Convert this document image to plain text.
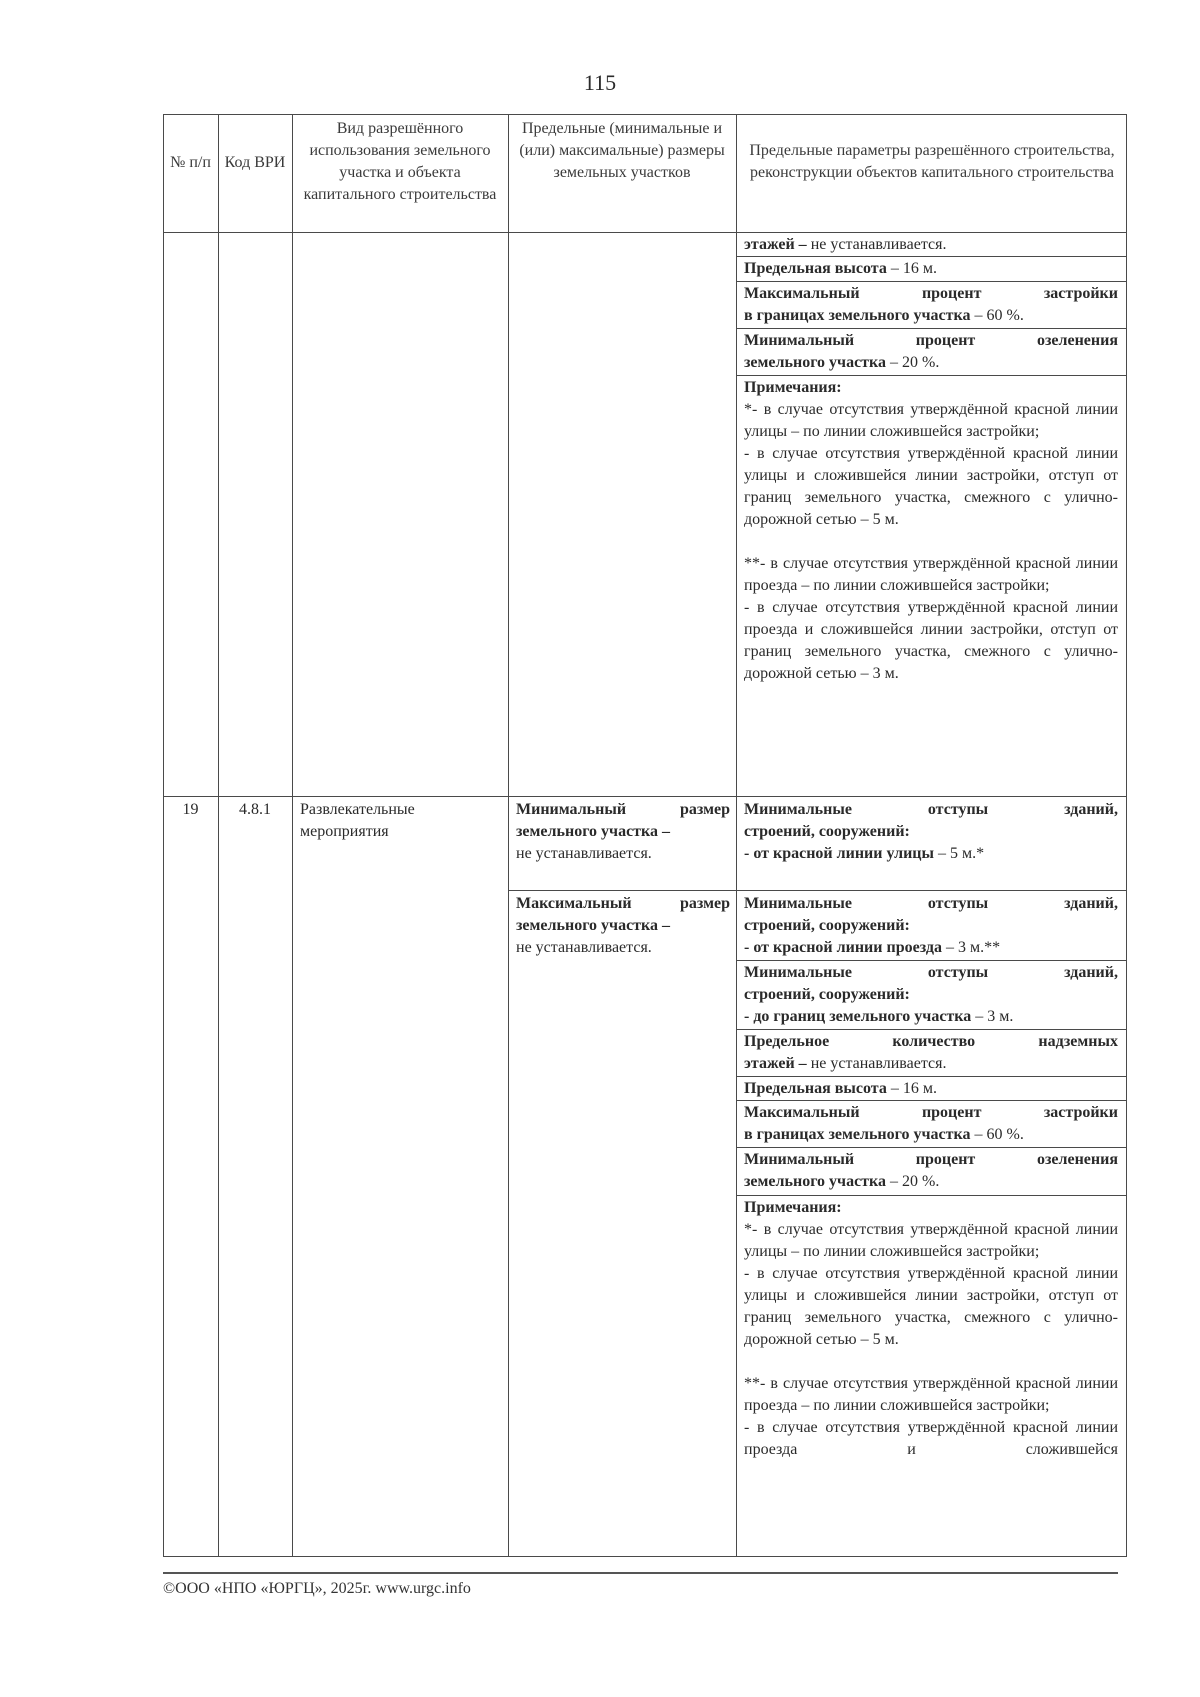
115
№ п/п Код ВРИ
Вид разрешённого использования земельного участка и объекта капитального строительства
Предельные (минимальные и (или) максимальные) размеры земельных участков
Предельные параметры разрешённого строительства, реконструкции объектов капитального строительства
этажей – не устанавливается.
Предельная высота – 16 м.
Максимальный процент застройки
в границах земельного участка – 60 %.
Минимальный процент озеленения
земельного участка – 20 %.
Примечания:

*- в случае отсутствия утверждённой красной линии улицы – по линии сложившейся застройки;

- в случае отсутствия утверждённой красной линии улицы и сложившейся линии застройки, отступ от границ земельного участка, смежного с улично-дорожной сетью – 5 м.

**- в случае отсутствия утверждённой красной линии проезда – по линии сложившейся застройки;

- в случае отсутствия утверждённой красной линии проезда и сложившейся линии застройки, отступ от границ земельного участка, смежного с улично-дорожной сетью – 3 м.

19	4.8.1	Развлекательные мероприятия
Минимальный размер земельного участка –
не устанавливается.
Максимальный размер земельного участка –
не устанавливается.
Минимальные отступы зданий,
строений, сооружений:
- от красной линии улицы – 5 м.*
Минимальные отступы зданий,
строений, сооружений:
- от красной линии проезда – 3 м.**
Минимальные отступы зданий,
строений, сооружений:
- до границ земельного участка – 3 м.
Предельное количество надземных
этажей – не устанавливается.
Предельная высота – 16 м.
Максимальный процент застройки
в границах земельного участка – 60 %.
Минимальный процент озеленения
земельного участка – 20 %.
Примечания:

*- в случае отсутствия утверждённой красной линии улицы – по линии сложившейся застройки;

- в случае отсутствия утверждённой красной линии улицы и сложившейся линии застройки, отступ от границ земельного участка, смежного с улично-дорожной сетью – 5 м.

**- в случае отсутствия утверждённой красной линии проезда – по линии сложившейся застройки;

- в случае отсутствия утверждённой красной линии проезда и сложившейся

©ООО «НПО «ЮРГЦ», 2025г. www.urgc.info
